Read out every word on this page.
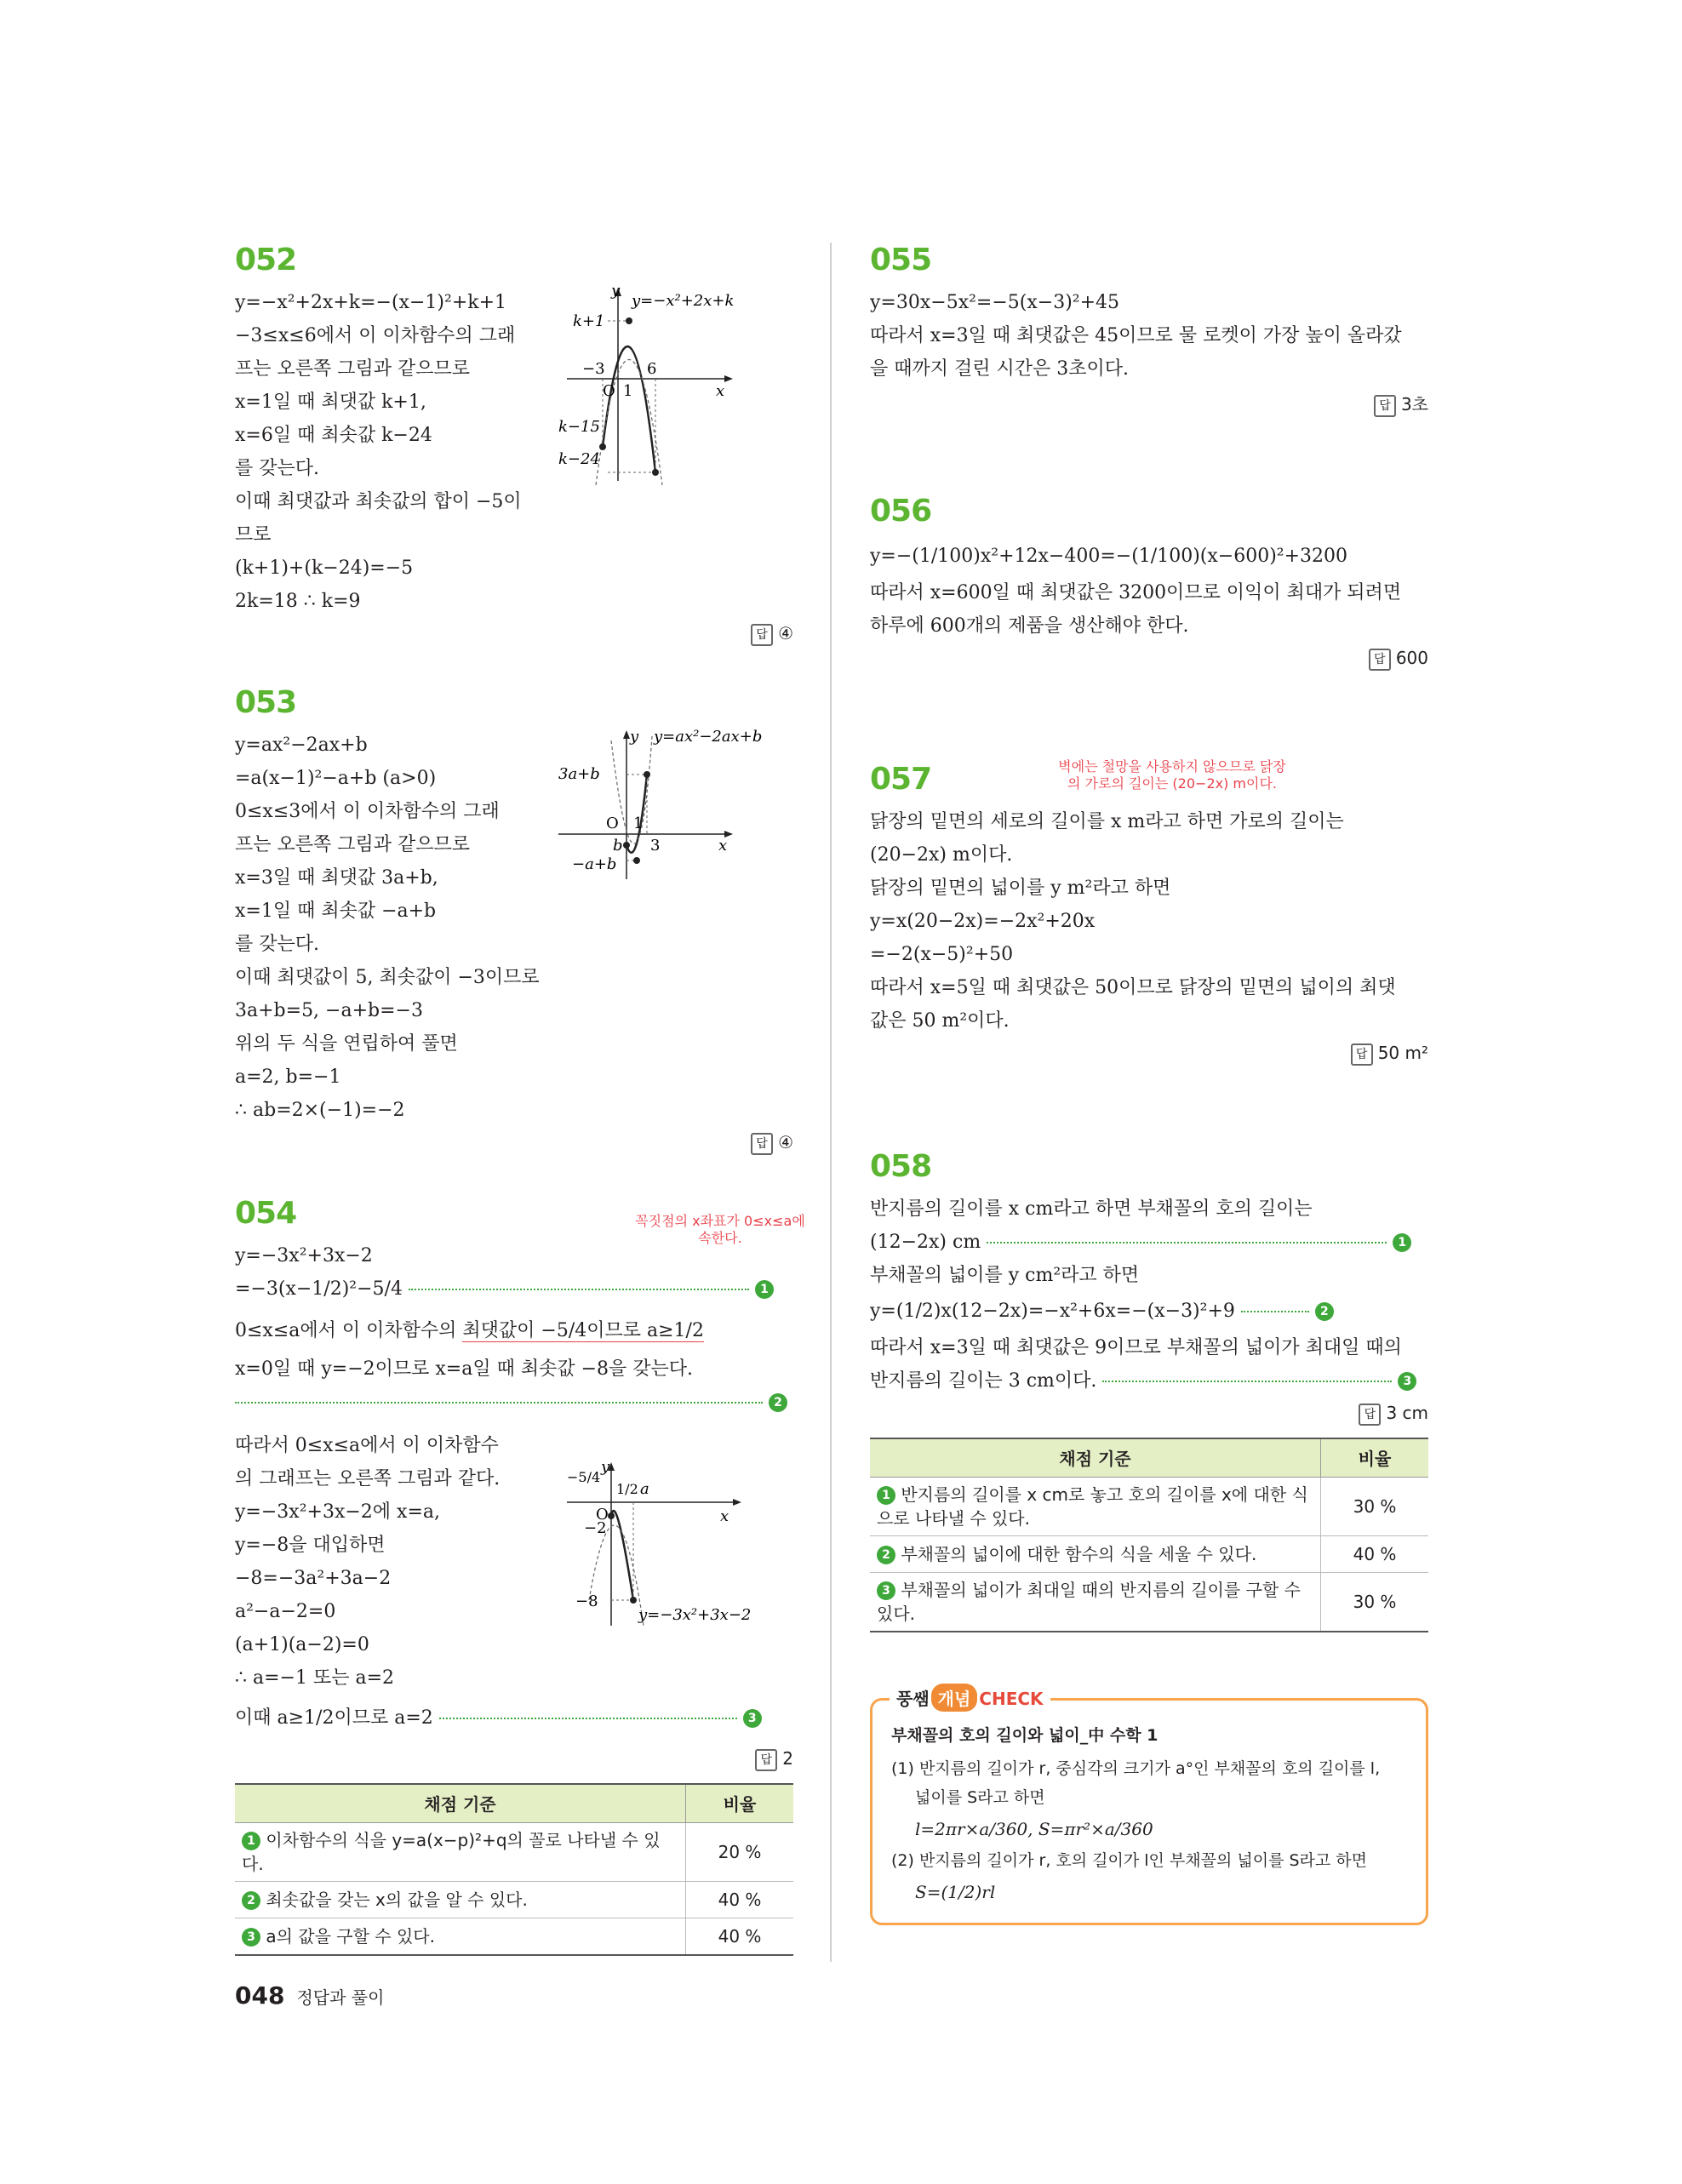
052
y=−x²+2x+k=−(x−1)²+k+1
−3≤x≤6에서 이 이차함수의 그래
프는 오른쪽 그림과 같으므로
x=1일 때 최댓값 k+1,
x=6일 때 최솟값 k−24
를 갖는다.
이때 최댓값과 최솟값의 합이 −5이
므로
(k+1)+(k−24)=−5
2k=18 ∴ k=9
y
y=−x²+2x+k
k+1
−3	6
O 1	x
k−15
k−24
답 ④
053
y=ax²−2ax+b
=a(x−1)²−a+b (a>0)
0≤x≤3에서 이 이차함수의 그래
프는 오른쪽 그림과 같으므로
x=3일 때 최댓값 3a+b,
x=1일 때 최솟값 −a+b
를 갖는다.
이때 최댓값이 5, 최솟값이 −3이므로
3a+b=5, −a+b=−3
위의 두 식을 연립하여 풀면
a=2, b=−1
∴ ab=2×(−1)=−2
y y=ax²−2ax+b
3a+b
O 1
3
b
−a+b
x
답 ④
054	꼭짓점의 x좌표가 0≤x≤a에 속한다.
y=−3x²+3x−2
=−3(x−1/2)²−5/4	1
0≤x≤a에서 이 이차함수의 최댓값이 −5/4이므로 a≥1/2
x=0일 때 y=−2이므로 x=a일 때 최솟값 −8을 갖는다.
2
따라서 0≤x≤a에서 이 이차함수
의 그래프는 오른쪽 그림과 같다.
y=−3x²+3x−2에 x=a,
y=−8을 대입하면
−8=−3a²+3a−2
a²−a−2=0
(a+1)(a−2)=0
∴ a=−1 또는 a=2
이때 a≥1/2이므로 a=2	3
−5/4
y
1/2 a
O
−2
−8
x
y=−3x²+3x−2
답 2
채점 기준	비율
1 이차함수의 식을 y=a(x−p)²+q의 꼴로 나타낼 수 있다.	20 %
2 최솟값을 갖는 x의 값을 알 수 있다.	40 %
3 a의 값을 구할 수 있다.	40 %
055
y=30x−5x²=−5(x−3)²+45
따라서 x=3일 때 최댓값은 45이므로 물 로켓이 가장 높이 올라갔
을 때까지 걸린 시간은 3초이다.
답 3초
056
y=−(1/100)x²+12x−400=−(1/100)(x−600)²+3200
따라서 x=600일 때 최댓값은 3200이므로 이익이 최대가 되려면
하루에 600개의 제품을 생산해야 한다.
답 600
벽에는 철망을 사용하지 않으므로 닭장의 가로의 길이는 (20−2x) m이다.
057
닭장의 밑면의 세로의 길이를 x m라고 하면 가로의 길이는
(20−2x) m이다.
닭장의 밑면의 넓이를 y m²라고 하면
y=x(20−2x)=−2x²+20x
=−2(x−5)²+50
따라서 x=5일 때 최댓값은 50이므로 닭장의 밑면의 넓이의 최댓
값은 50 m²이다.
답 50 m²
058
반지름의 길이를 x cm라고 하면 부채꼴의 호의 길이는
(12−2x) cm	1
부채꼴의 넓이를 y cm²라고 하면
y=(1/2)x(12−2x)=−x²+6x=−(x−3)²+9	2
따라서 x=3일 때 최댓값은 9이므로 부채꼴의 넓이가 최대일 때의
반지름의 길이는 3 cm이다.	3
답 3 cm
채점 기준	비율
1 반지름의 길이를 x cm로 놓고 호의 길이를 x에 대한 식으로 나타낼 수 있다.	30 %
2 부채꼴의 넓이에 대한 함수의 식을 세울 수 있다.	40 %
3 부채꼴의 넓이가 최대일 때의 반지름의 길이를 구할 수 있다.	30 %
풍쌤 개념 CHECK
부채꼴의 호의 길이와 넓이_中 수학 1
(1) 반지름의 길이가 r, 중심각의 크기가 a°인 부채꼴의 호의 길이를 l,
넓이를 S라고 하면
l=2πr×a/360, S=πr²×a/360
(2) 반지름의 길이가 r, 호의 길이가 l인 부채꼴의 넓이를 S라고 하면
S=(1/2)rl
048 정답과 풀이
